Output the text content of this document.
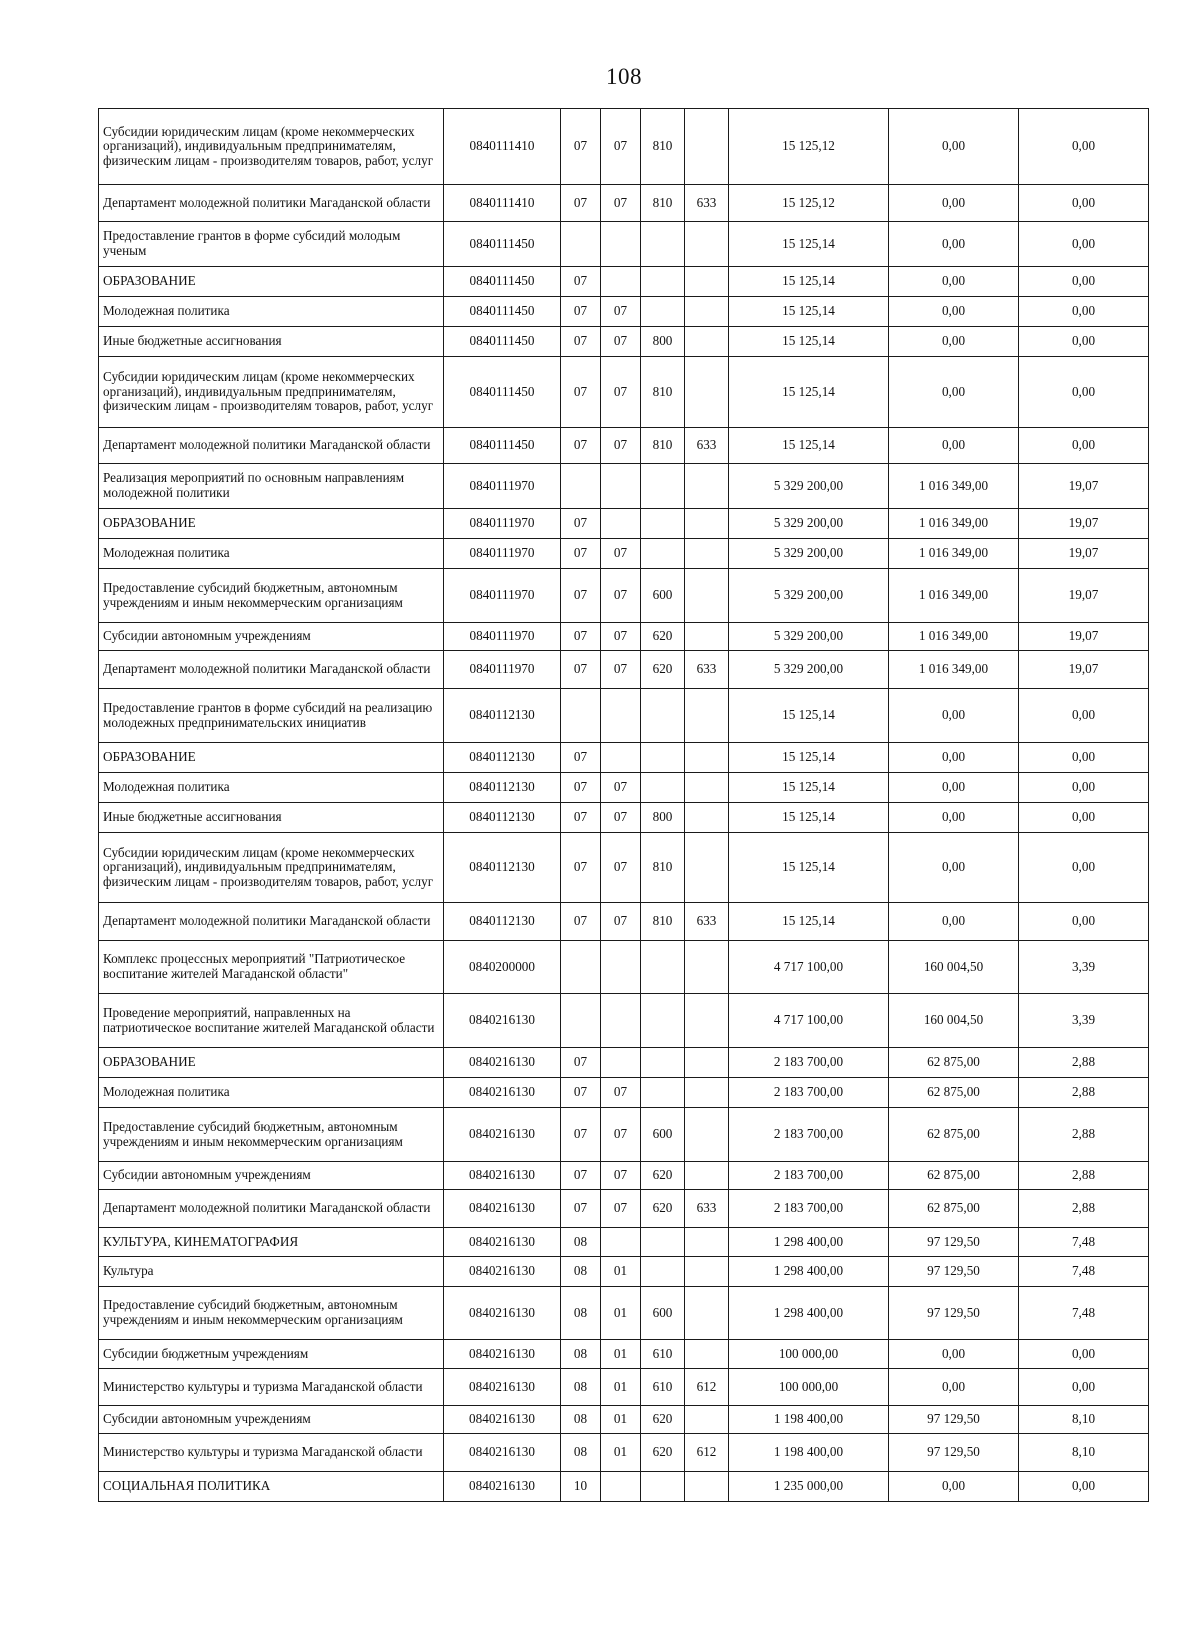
108
Субсидии юридическим лицам (кроме некоммерческих организаций), индивидуальным предпринимателям, физическим лицам - производителям товаров, работ, услуг	0840111410	07	07	810		15 125,12	0,00	0,00
Департамент молодежной политики Магаданской области	0840111410	07	07	810	633	15 125,12	0,00	0,00
Предоставление грантов в форме субсидий молодым ученым	0840111450					15 125,14	0,00	0,00
ОБРАЗОВАНИЕ	0840111450	07				15 125,14	0,00	0,00
Молодежная политика	0840111450	07	07			15 125,14	0,00	0,00
Иные бюджетные ассигнования	0840111450	07	07	800		15 125,14	0,00	0,00
Субсидии юридическим лицам (кроме некоммерческих организаций), индивидуальным предпринимателям, физическим лицам - производителям товаров, работ, услуг	0840111450	07	07	810		15 125,14	0,00	0,00
Департамент молодежной политики Магаданской области	0840111450	07	07	810	633	15 125,14	0,00	0,00
Реализация мероприятий по основным направлениям молодежной политики	0840111970					5 329 200,00	1 016 349,00	19,07
ОБРАЗОВАНИЕ	0840111970	07				5 329 200,00	1 016 349,00	19,07
Молодежная политика	0840111970	07	07			5 329 200,00	1 016 349,00	19,07
Предоставление субсидий бюджетным, автономным учреждениям и иным некоммерческим организациям	0840111970	07	07	600		5 329 200,00	1 016 349,00	19,07
Субсидии автономным учреждениям	0840111970	07	07	620		5 329 200,00	1 016 349,00	19,07
Департамент молодежной политики Магаданской области	0840111970	07	07	620	633	5 329 200,00	1 016 349,00	19,07
Предоставление грантов в форме субсидий на реализацию молодежных предпринимательских инициатив	0840112130					15 125,14	0,00	0,00
ОБРАЗОВАНИЕ	0840112130	07				15 125,14	0,00	0,00
Молодежная политика	0840112130	07	07			15 125,14	0,00	0,00
Иные бюджетные ассигнования	0840112130	07	07	800		15 125,14	0,00	0,00
Субсидии юридическим лицам (кроме некоммерческих организаций), индивидуальным предпринимателям, физическим лицам - производителям товаров, работ, услуг	0840112130	07	07	810		15 125,14	0,00	0,00
Департамент молодежной политики Магаданской области	0840112130	07	07	810	633	15 125,14	0,00	0,00
Комплекс процессных мероприятий "Патриотическое воспитание жителей Магаданской области"	0840200000					4 717 100,00	160 004,50	3,39
Проведение мероприятий, направленных на патриотическое воспитание жителей Магаданской области	0840216130					4 717 100,00	160 004,50	3,39
ОБРАЗОВАНИЕ	0840216130	07				2 183 700,00	62 875,00	2,88
Молодежная политика	0840216130	07	07			2 183 700,00	62 875,00	2,88
Предоставление субсидий бюджетным, автономным учреждениям и иным некоммерческим организациям	0840216130	07	07	600		2 183 700,00	62 875,00	2,88
Субсидии автономным учреждениям	0840216130	07	07	620		2 183 700,00	62 875,00	2,88
Департамент молодежной политики Магаданской области	0840216130	07	07	620	633	2 183 700,00	62 875,00	2,88
КУЛЬТУРА, КИНЕМАТОГРАФИЯ	0840216130	08				1 298 400,00	97 129,50	7,48
Культура	0840216130	08	01			1 298 400,00	97 129,50	7,48
Предоставление субсидий бюджетным, автономным учреждениям и иным некоммерческим организациям	0840216130	08	01	600		1 298 400,00	97 129,50	7,48
Субсидии бюджетным учреждениям	0840216130	08	01	610		100 000,00	0,00	0,00
Министерство культуры и туризма Магаданской области	0840216130	08	01	610	612	100 000,00	0,00	0,00
Субсидии автономным учреждениям	0840216130	08	01	620		1 198 400,00	97 129,50	8,10
Министерство культуры и туризма Магаданской области	0840216130	08	01	620	612	1 198 400,00	97 129,50	8,10
СОЦИАЛЬНАЯ ПОЛИТИКА	0840216130	10				1 235 000,00	0,00	0,00
